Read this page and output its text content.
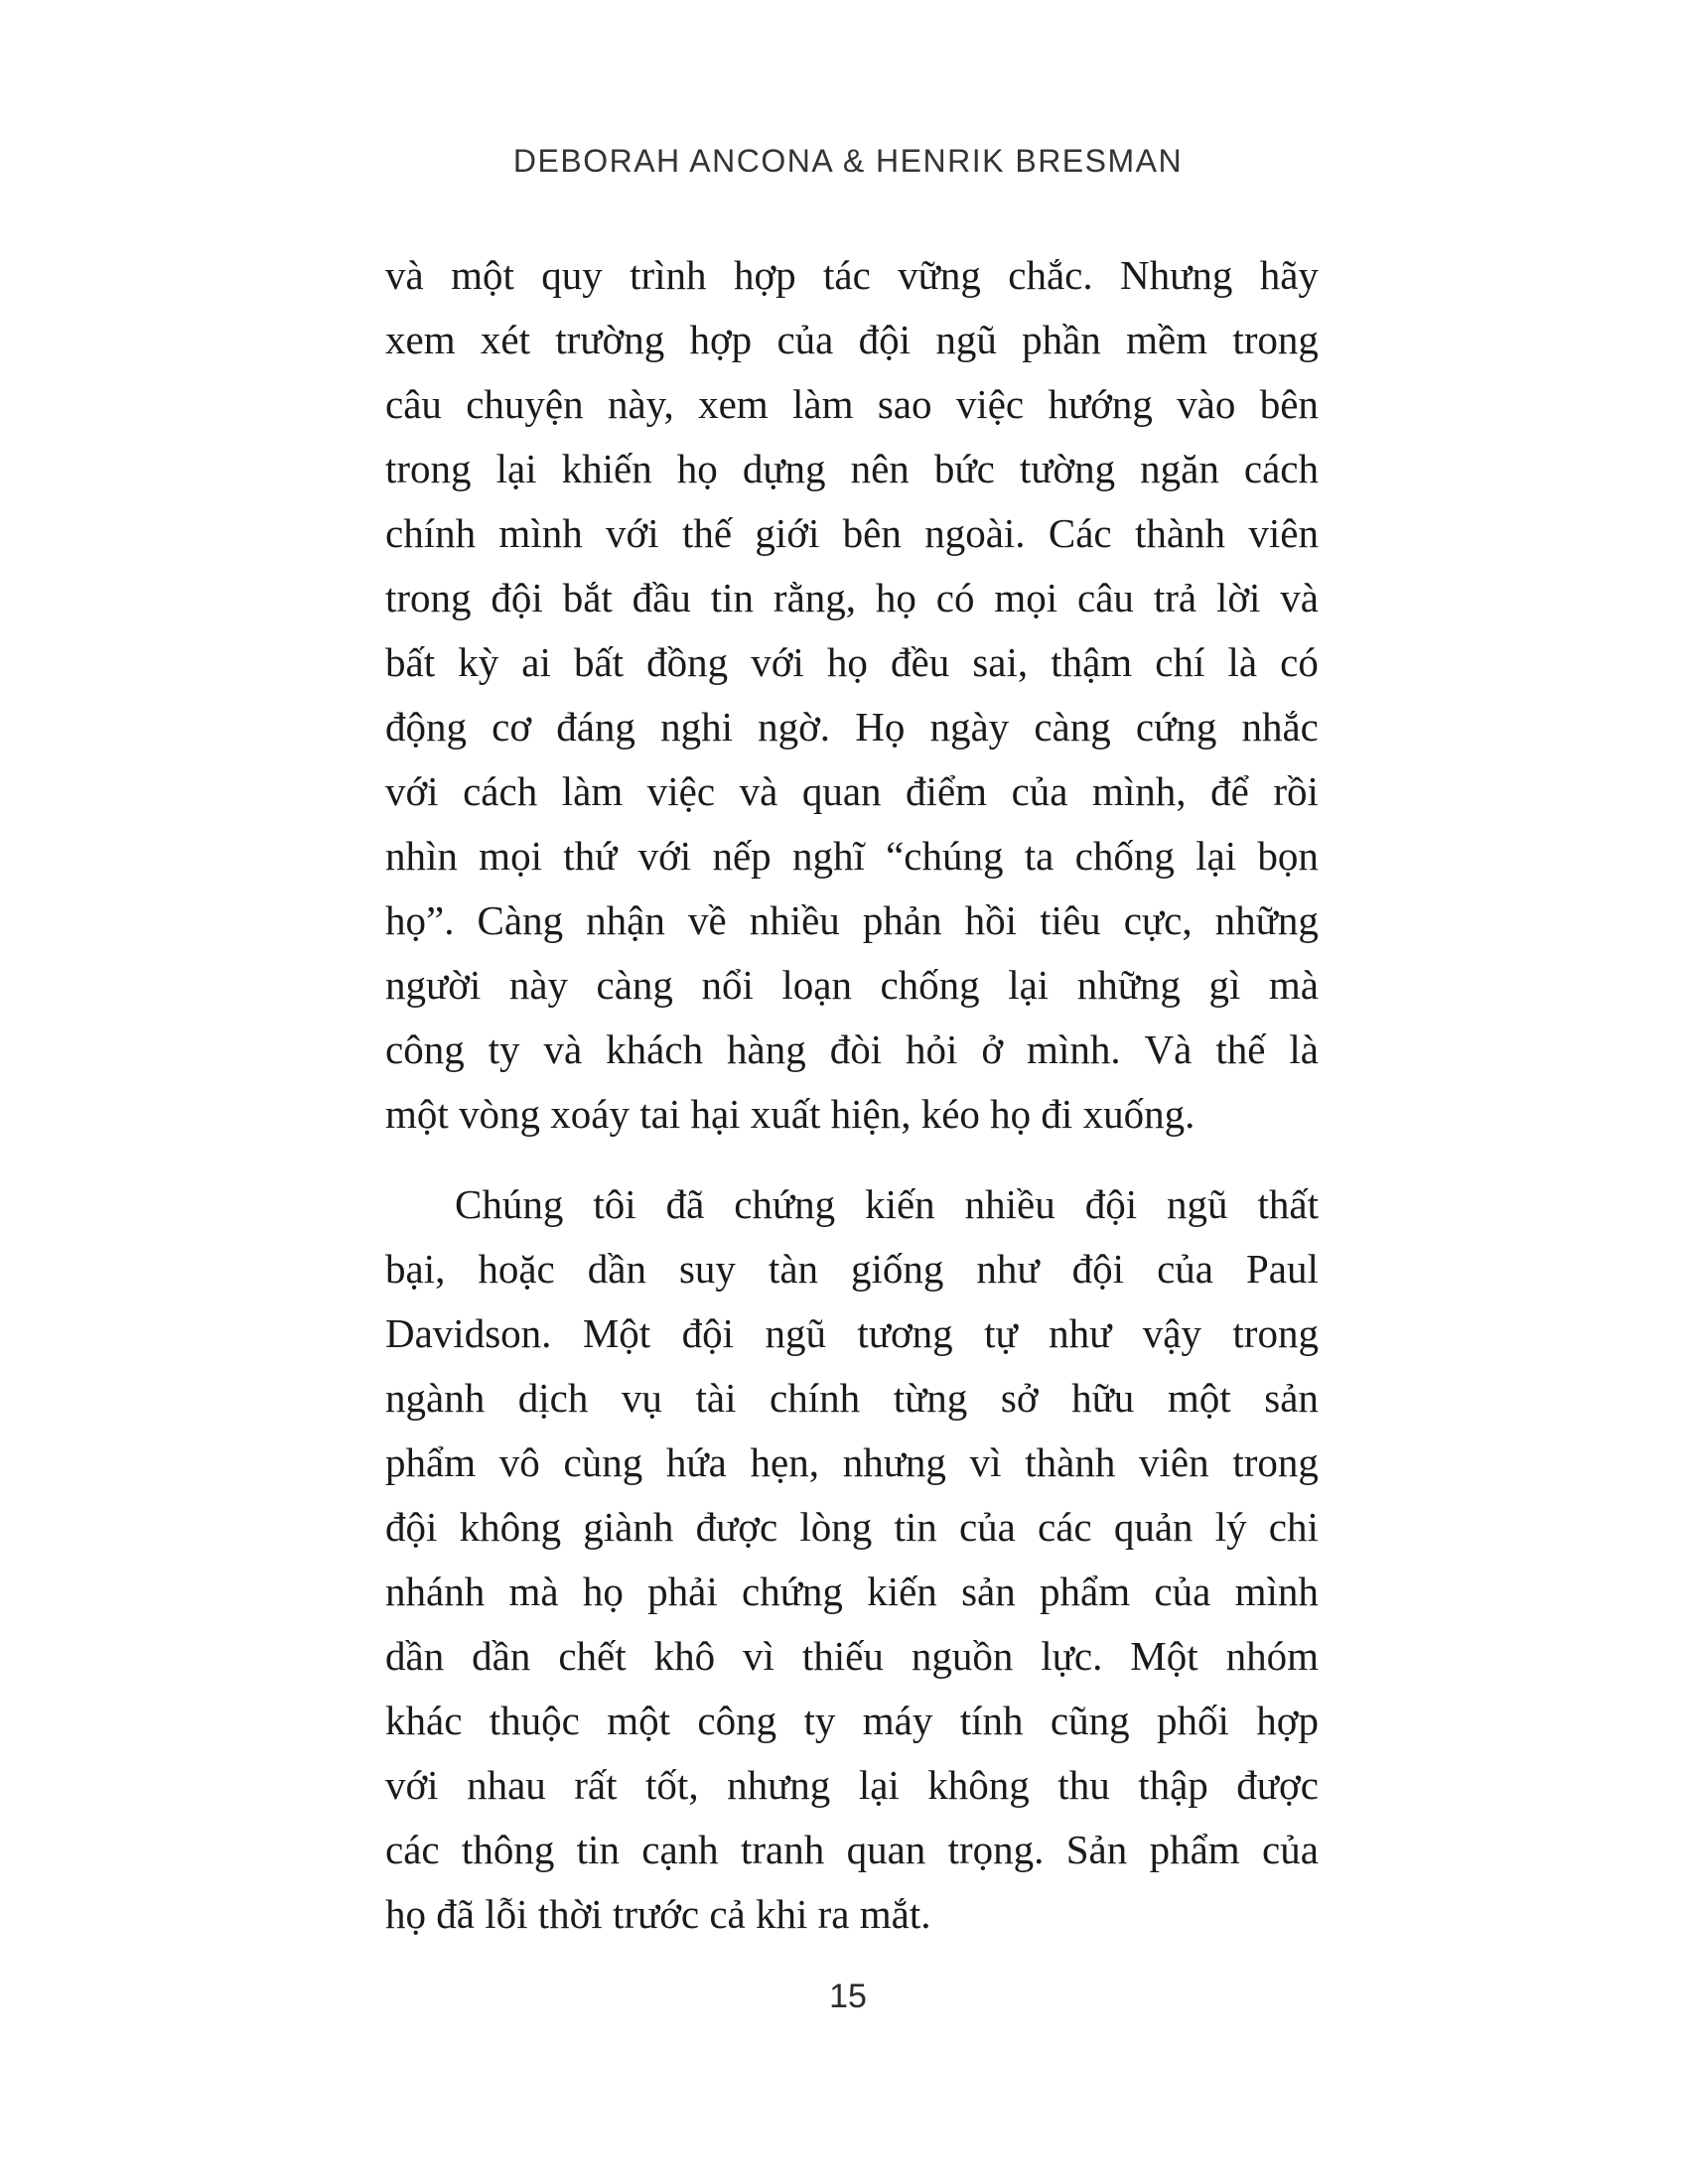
DEBORAH ANCONA & HENRIK BRESMAN
và một quy trình hợp tác vững chắc. Nhưng hãy
xem xét trường hợp của đội ngũ phần mềm trong
câu chuyện này, xem làm sao việc hướng vào bên
trong lại khiến họ dựng nên bức tường ngăn cách
chính mình với thế giới bên ngoài. Các thành viên
trong đội bắt đầu tin rằng, họ có mọi câu trả lời và
bất kỳ ai bất đồng với họ đều sai, thậm chí là có
động cơ đáng nghi ngờ. Họ ngày càng cứng nhắc
với cách làm việc và quan điểm của mình, để rồi
nhìn mọi thứ với nếp nghĩ “chúng ta chống lại bọn
họ”. Càng nhận về nhiều phản hồi tiêu cực, những
người này càng nổi loạn chống lại những gì mà
công ty và khách hàng đòi hỏi ở mình. Và thế là
một vòng xoáy tai hại xuất hiện, kéo họ đi xuống.
Chúng tôi đã chứng kiến nhiều đội ngũ thất
bại, hoặc dần suy tàn giống như đội của Paul
Davidson. Một đội ngũ tương tự như vậy trong
ngành dịch vụ tài chính từng sở hữu một sản
phẩm vô cùng hứa hẹn, nhưng vì thành viên trong
đội không giành được lòng tin của các quản lý chi
nhánh mà họ phải chứng kiến sản phẩm của mình
dần dần chết khô vì thiếu nguồn lực. Một nhóm
khác thuộc một công ty máy tính cũng phối hợp
với nhau rất tốt, nhưng lại không thu thập được
các thông tin cạnh tranh quan trọng. Sản phẩm của
họ đã lỗi thời trước cả khi ra mắt.
15
